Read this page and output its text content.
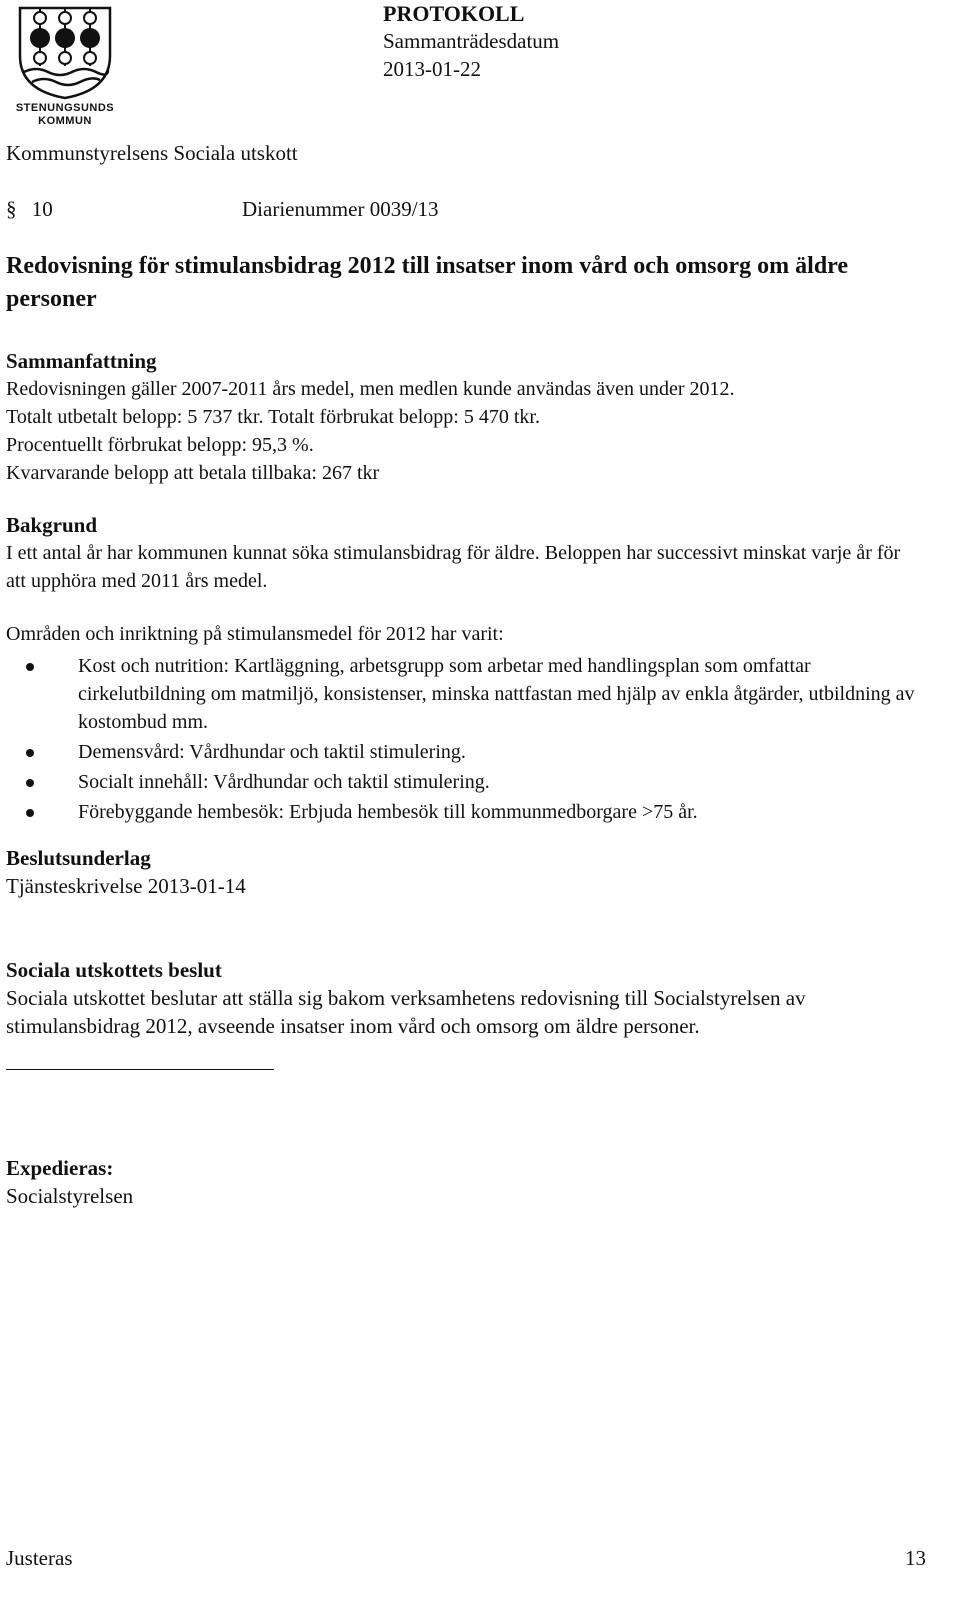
STENUNGSUNDS
KOMMUN
PROTOKOLL
Sammanträdesdatum
2013-01-22
Kommunstyrelsens Sociala utskott
§ 10	Diarienummer 0039/13
Redovisning för stimulansbidrag 2012 till insatser inom vård och omsorg om äldre personer
Sammanfattning
Redovisningen gäller 2007-2011 års medel, men medlen kunde användas även under 2012.
Totalt utbetalt belopp: 5 737 tkr. Totalt förbrukat belopp: 5 470 tkr.
Procentuellt förbrukat belopp: 95,3 %.
Kvarvarande belopp att betala tillbaka: 267 tkr
Bakgrund
I ett antal år har kommunen kunnat söka stimulansbidrag för äldre. Beloppen har successivt minskat varje år för att upphöra med 2011 års medel.
Områden och inriktning på stimulansmedel för 2012 har varit:
Kost och nutrition: Kartläggning, arbetsgrupp som arbetar med handlingsplan som omfattar cirkelutbildning om matmiljö, konsistenser, minska nattfastan med hjälp av enkla åtgärder, utbildning av kostombud mm.
Demensvård: Vårdhundar och taktil stimulering.
Socialt innehåll: Vårdhundar och taktil stimulering.
Förebyggande hembesök: Erbjuda hembesök till kommunmedborgare >75 år.
Beslutsunderlag
Tjänsteskrivelse 2013-01-14
Sociala utskottets beslut
Sociala utskottet beslutar att ställa sig bakom verksamhetens redovisning till Socialstyrelsen av stimulansbidrag 2012, avseende insatser inom vård och omsorg om äldre personer.
Expedieras:
Socialstyrelsen
Justeras	13
